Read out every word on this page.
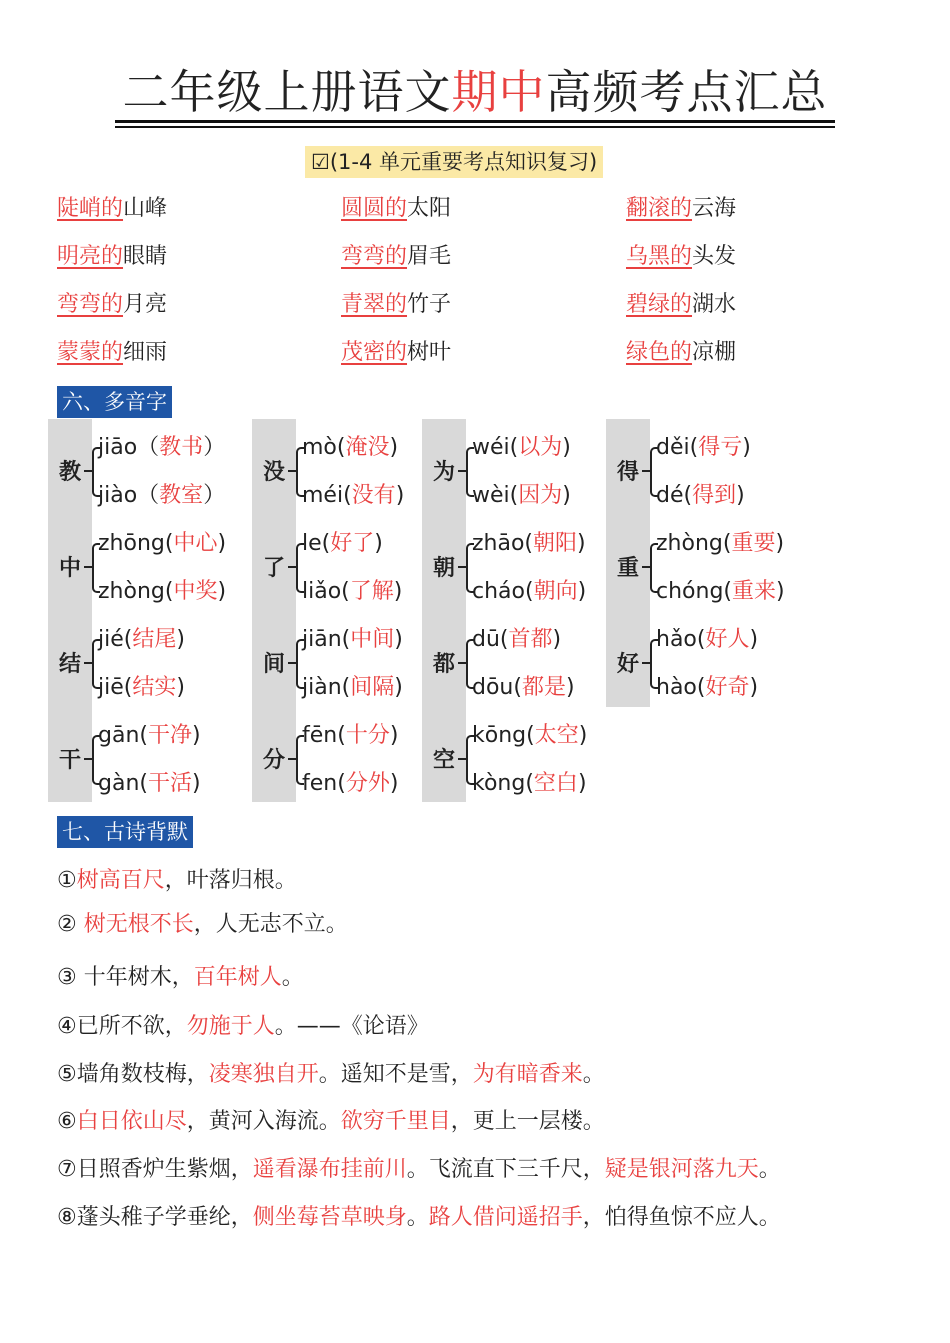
二年级上册语文期中高频考点汇总
☑(1-4 单元重要考点知识复习)
陡峭的山峰	圆圆的太阳	翻滚的云海
明亮的眼睛	弯弯的眉毛	乌黑的头发
弯弯的月亮	青翠的竹子	碧绿的湖水
蒙蒙的细雨	茂密的树叶	绿色的凉棚
六、多音字
教
jiāo（教书）
jiào（教室）
中
zhōng(中心)
zhòng(中奖)
结
jié(结尾)
jiē(结实)
干
gān(干净)
gàn(干活)
没
mò(淹没)
méi(没有)
了
le(好了)
liǎo(了解)
间
jiān(中间)
jiàn(间隔)
分
fēn(十分)
fen(分外)
为
wéi(以为)
wèi(因为)
朝
zhāo(朝阳)
cháo(朝向)
都
dū(首都)
dōu(都是)
空
kōng(太空)
kòng(空白)
得
děi(得亏)
dé(得到)
重
zhòng(重要)
chóng(重来)
好
hǎo(好人)
hào(好奇)
七、古诗背默
①树高百尺，叶落归根。
② 树无根不长，人无志不立。
③ 十年树木，百年树人。
④已所不欲，勿施于人。——《论语》
⑤墙角数枝梅，凌寒独自开。遥知不是雪，为有暗香来。
⑥白日依山尽，黄河入海流。欲穷千里目，更上一层楼。
⑦日照香炉生紫烟，遥看瀑布挂前川。飞流直下三千尺，疑是银河落九天。
⑧蓬头稚子学垂纶，侧坐莓苔草映身。路人借问遥招手，怕得鱼惊不应人。
